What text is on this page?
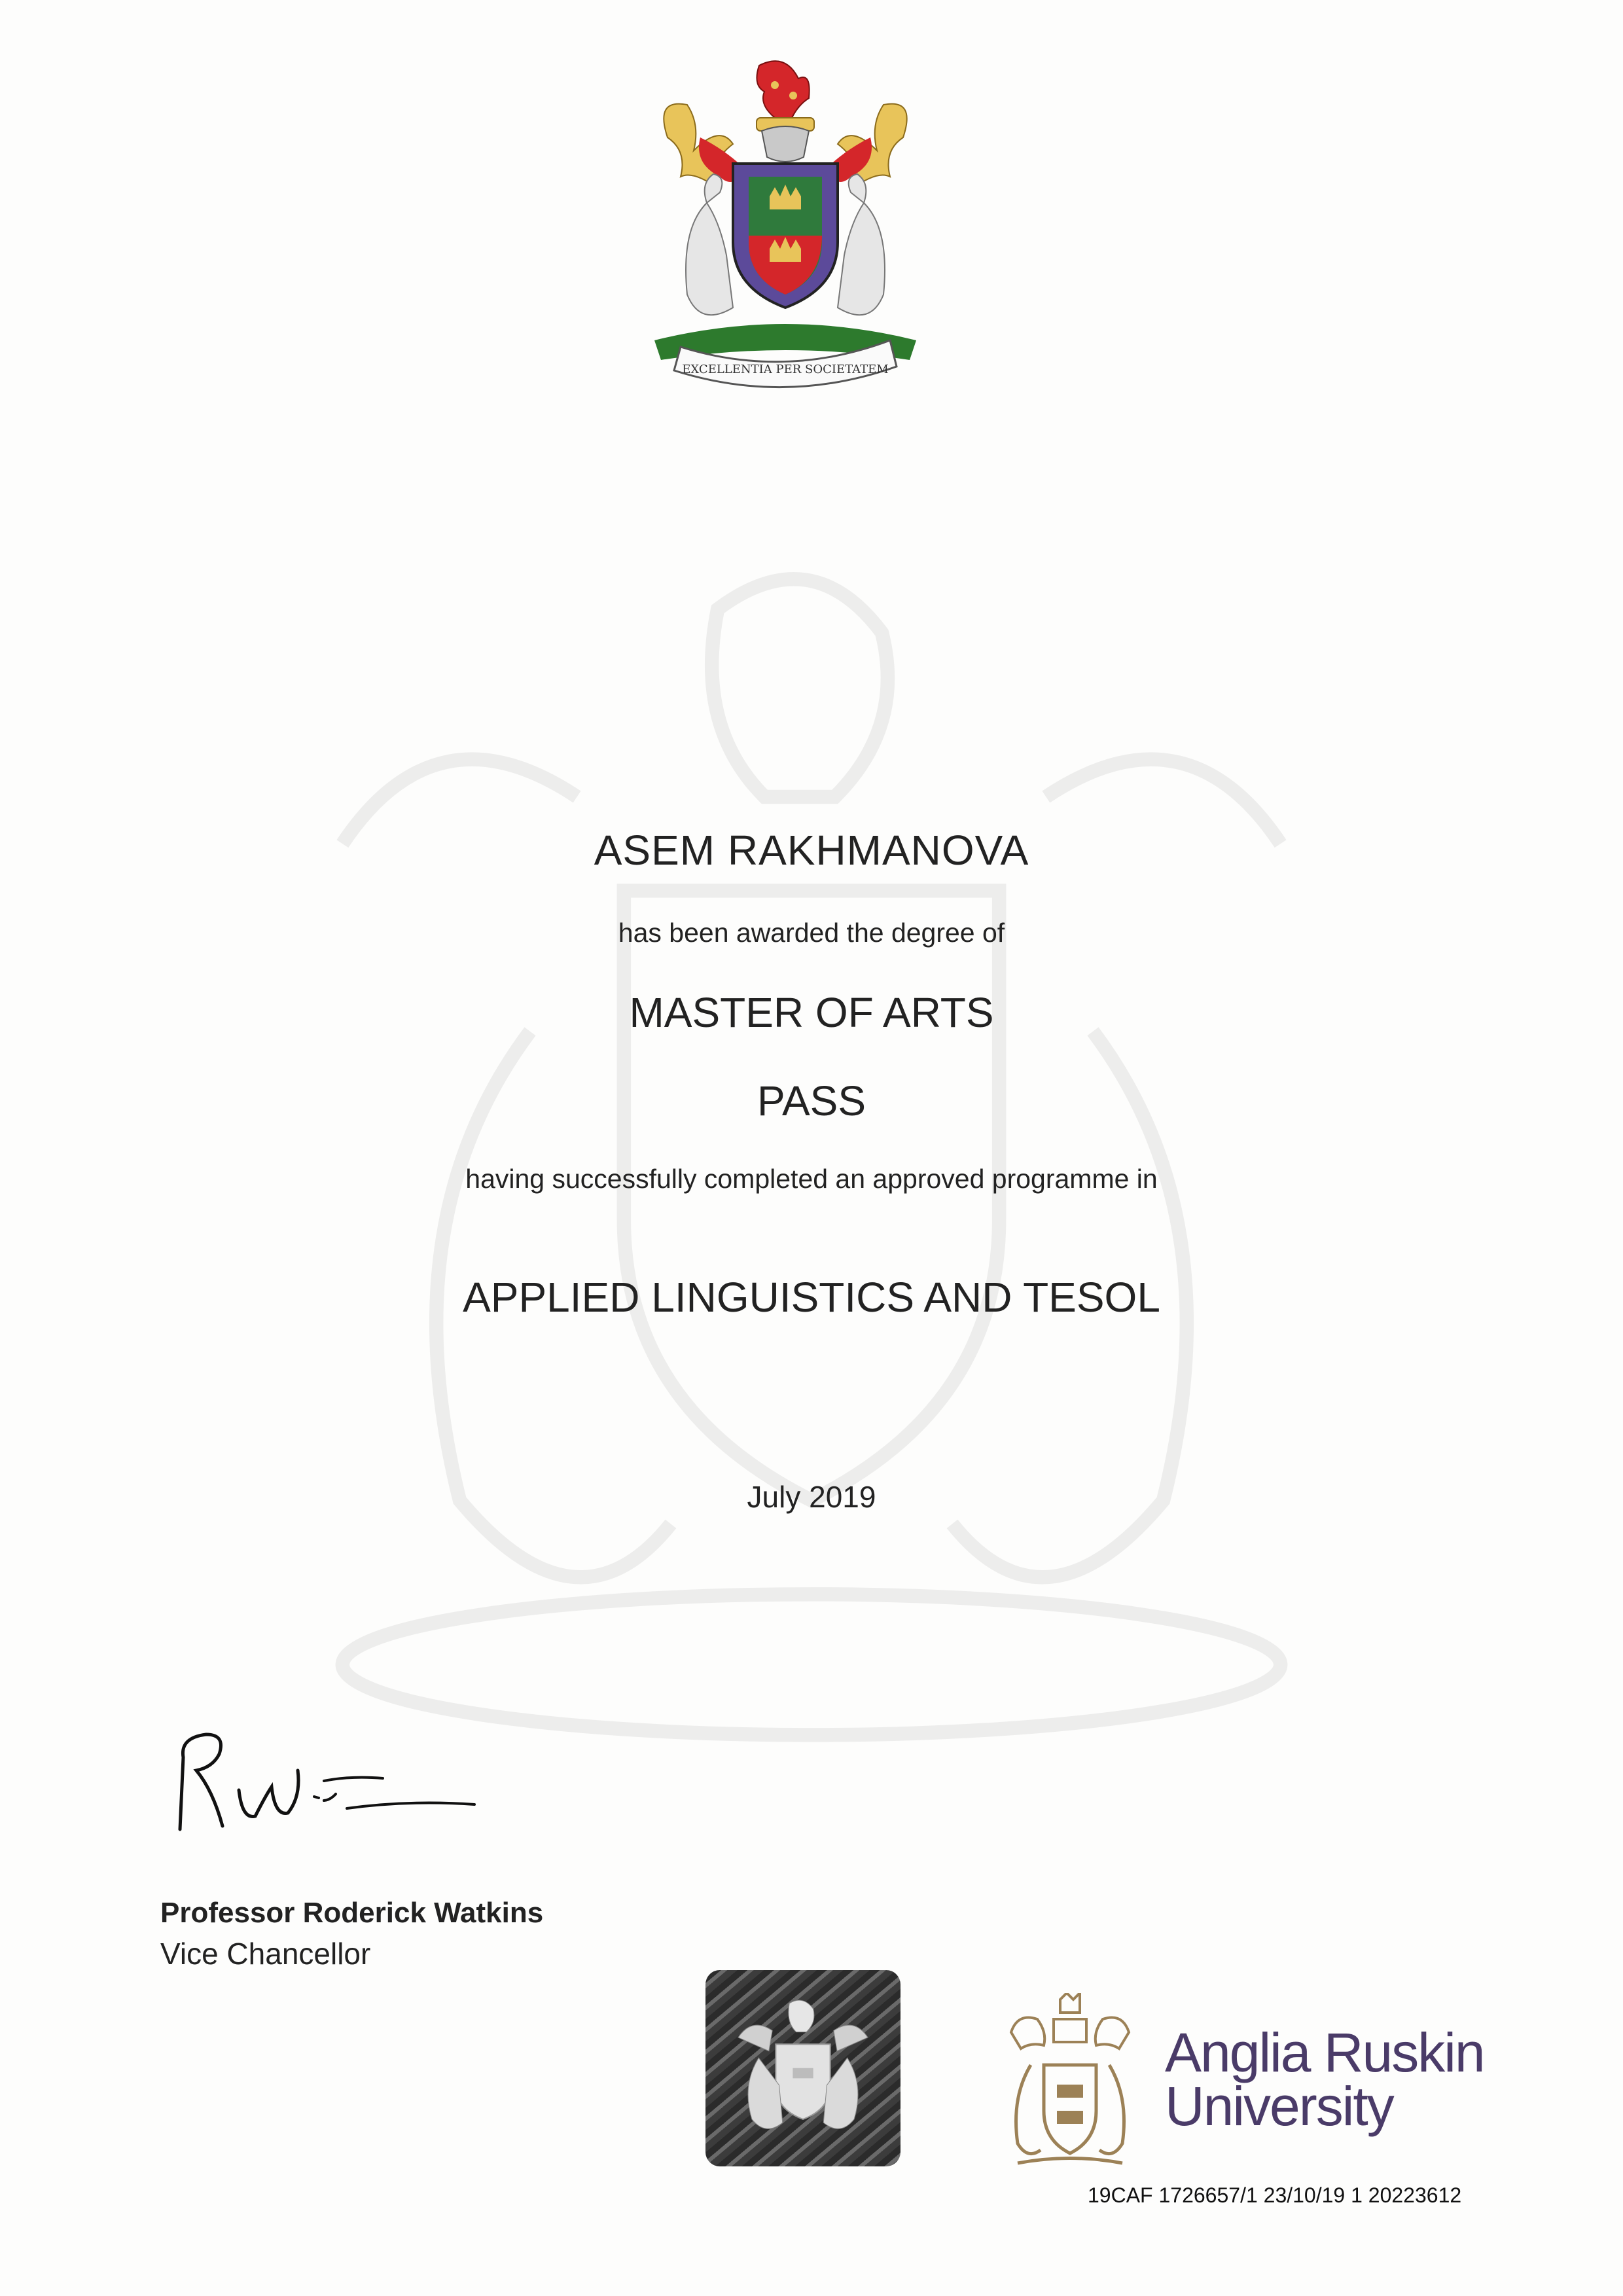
EXCELLENTIA PER SOCIETATEM
ASEM RAKHMANOVA
has been awarded the degree of
MASTER OF ARTS
PASS
having successfully completed an approved programme in
APPLIED LINGUISTICS AND TESOL
July 2019
Professor Roderick Watkins
Vice Chancellor
Anglia Ruskin
University
19CAF 1726657/1 23/10/19 1 20223612
